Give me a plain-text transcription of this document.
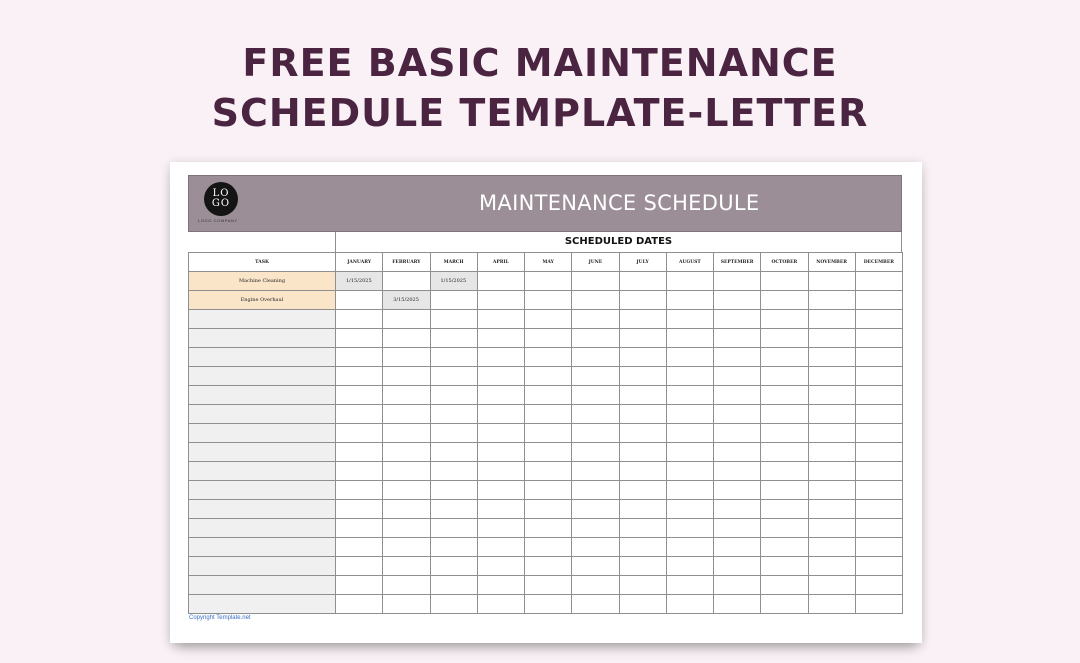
FREE BASIC MAINTENANCE
SCHEDULE TEMPLATE-LETTER
LO
GO
LOGO COMPANY
MAINTENANCE SCHEDULE
SCHEDULED DATES
TASK	JANUARY	FEBRUARY	MARCH	APRIL	MAY	JUNE	JULY	AUGUST	SEPTEMBER	OCTOBER	NOVEMBER	DECEMBER
Machine Cleaning	1/15/2025		1/15/2025									
Engine Overhaul		3/15/2025										

Copyright Template.net
